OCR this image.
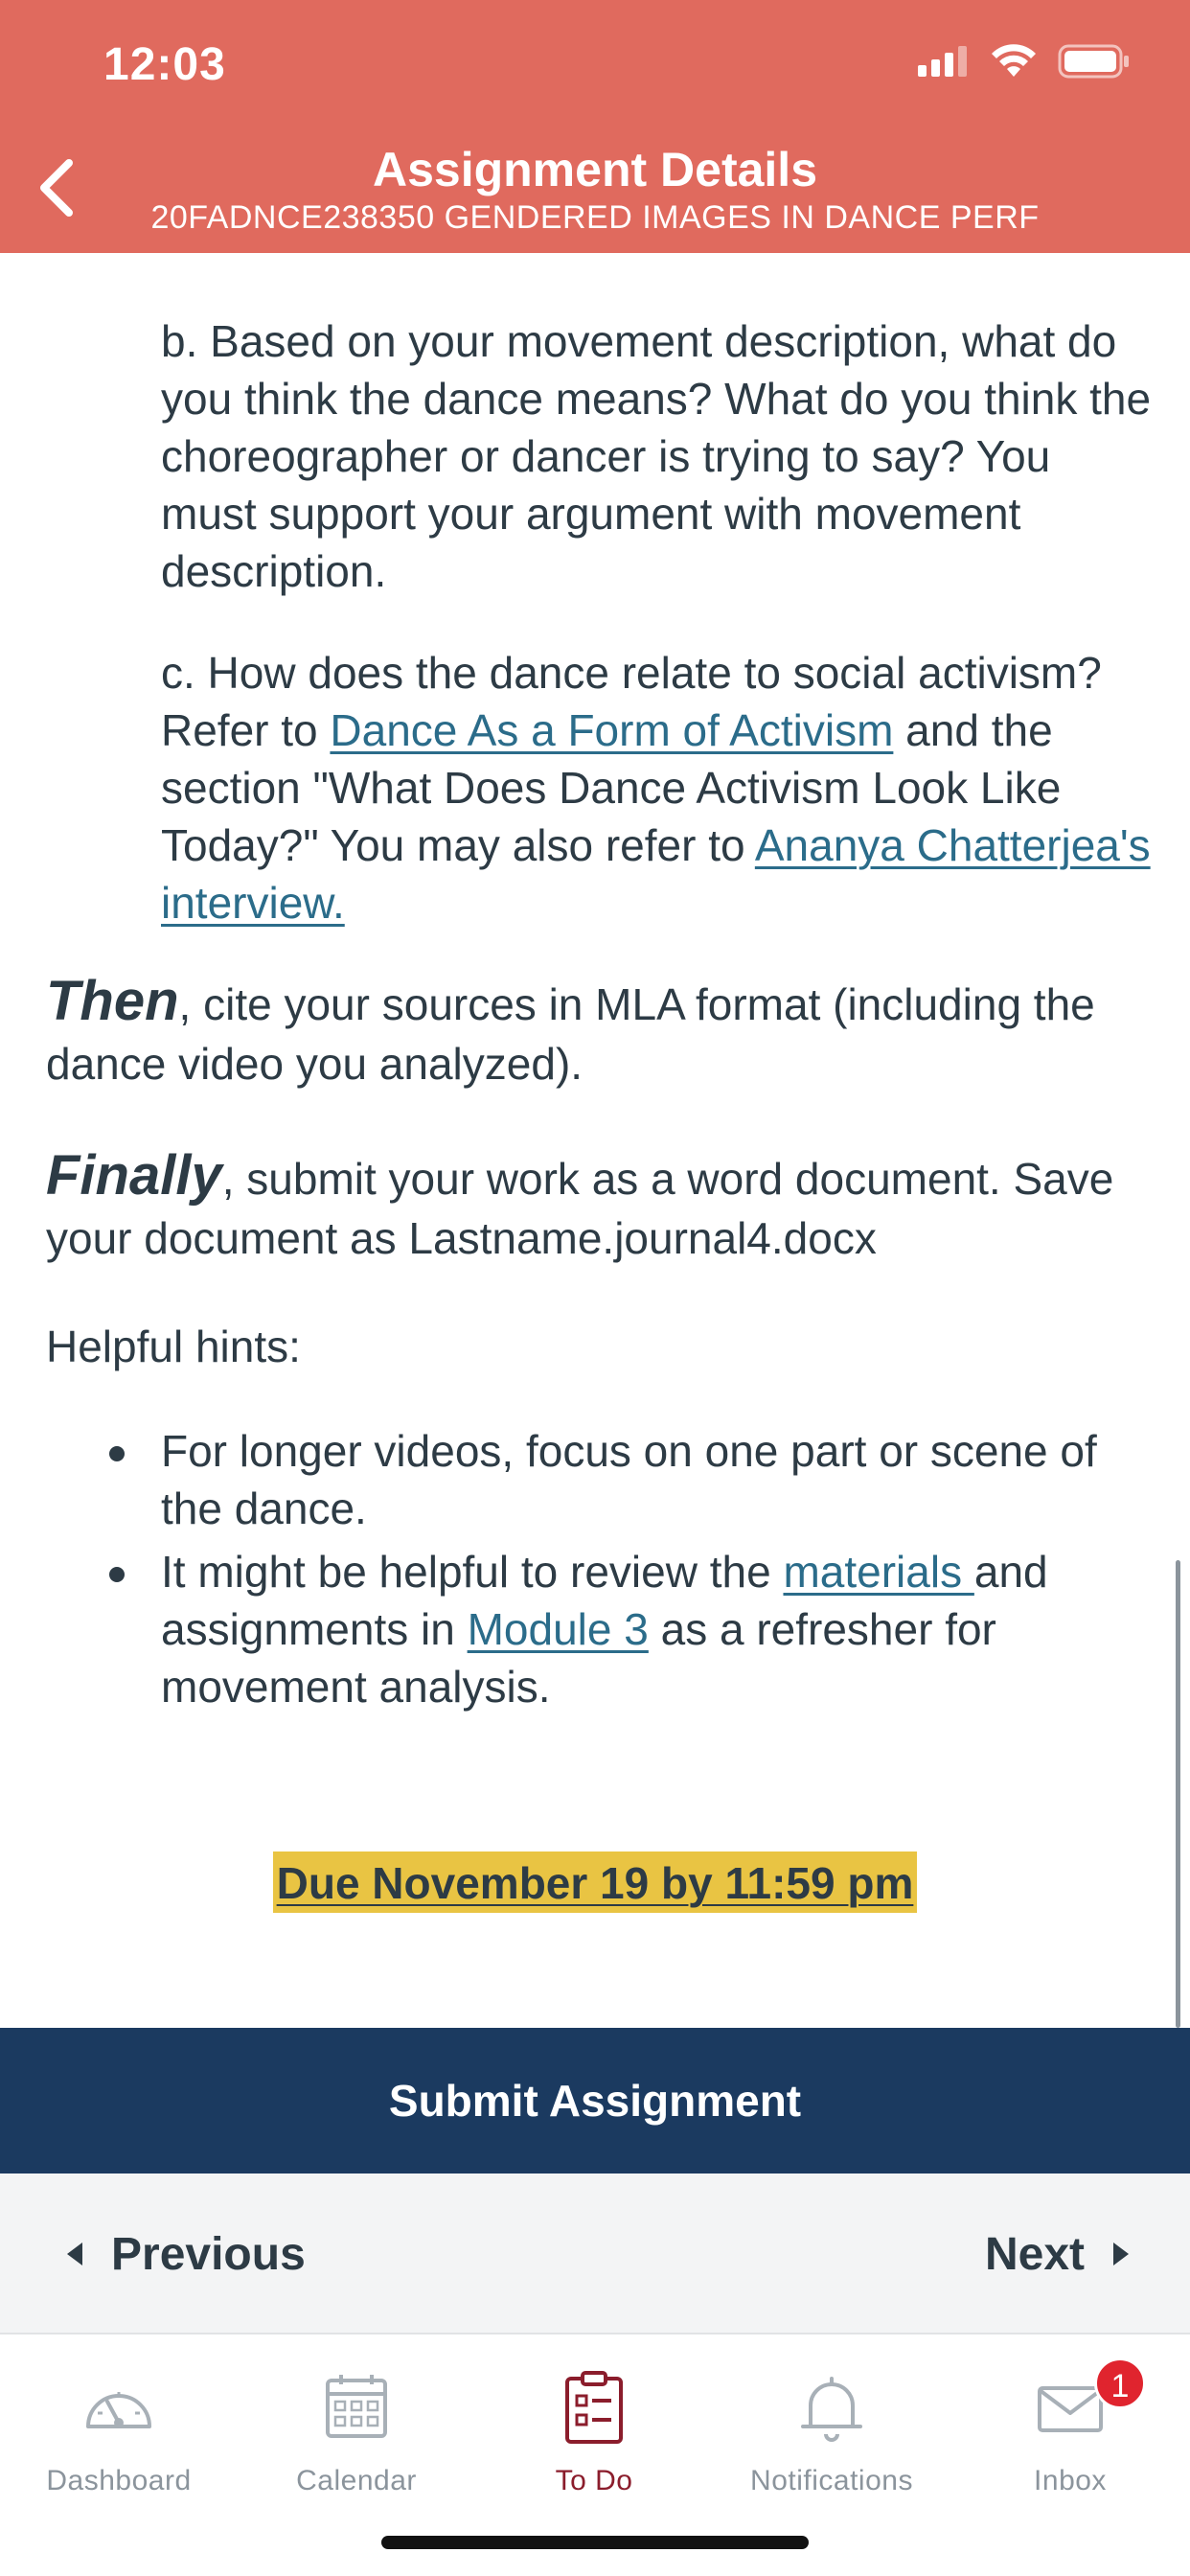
12:03
Assignment Details
20FADNCE238350 GENDERED IMAGES IN DANCE PERF

b. Based on your movement description, what do you think the dance means? What do you think the choreographer or dancer is trying to say? You must support your argument with movement description.

c. How does the dance relate to social activism? Refer to Dance As a Form of Activism and the section "What Does Dance Activism Look Like Today?" You may also refer to Ananya Chatterjea's interview.

Then, cite your sources in MLA format (including the dance video you analyzed).

Finally, submit your work as a word document. Save your document as Lastname.journal4.docx

Helpful hints:

For longer videos, focus on one part or scene of the dance.
It might be helpful to review the materials and assignments in Module 3 as a refresher for movement analysis.
Due November 19 by 11:59 pm
Submit Assignment
Previous	Next
Dashboard	Calendar	To Do	Notifications	Inbox
1
